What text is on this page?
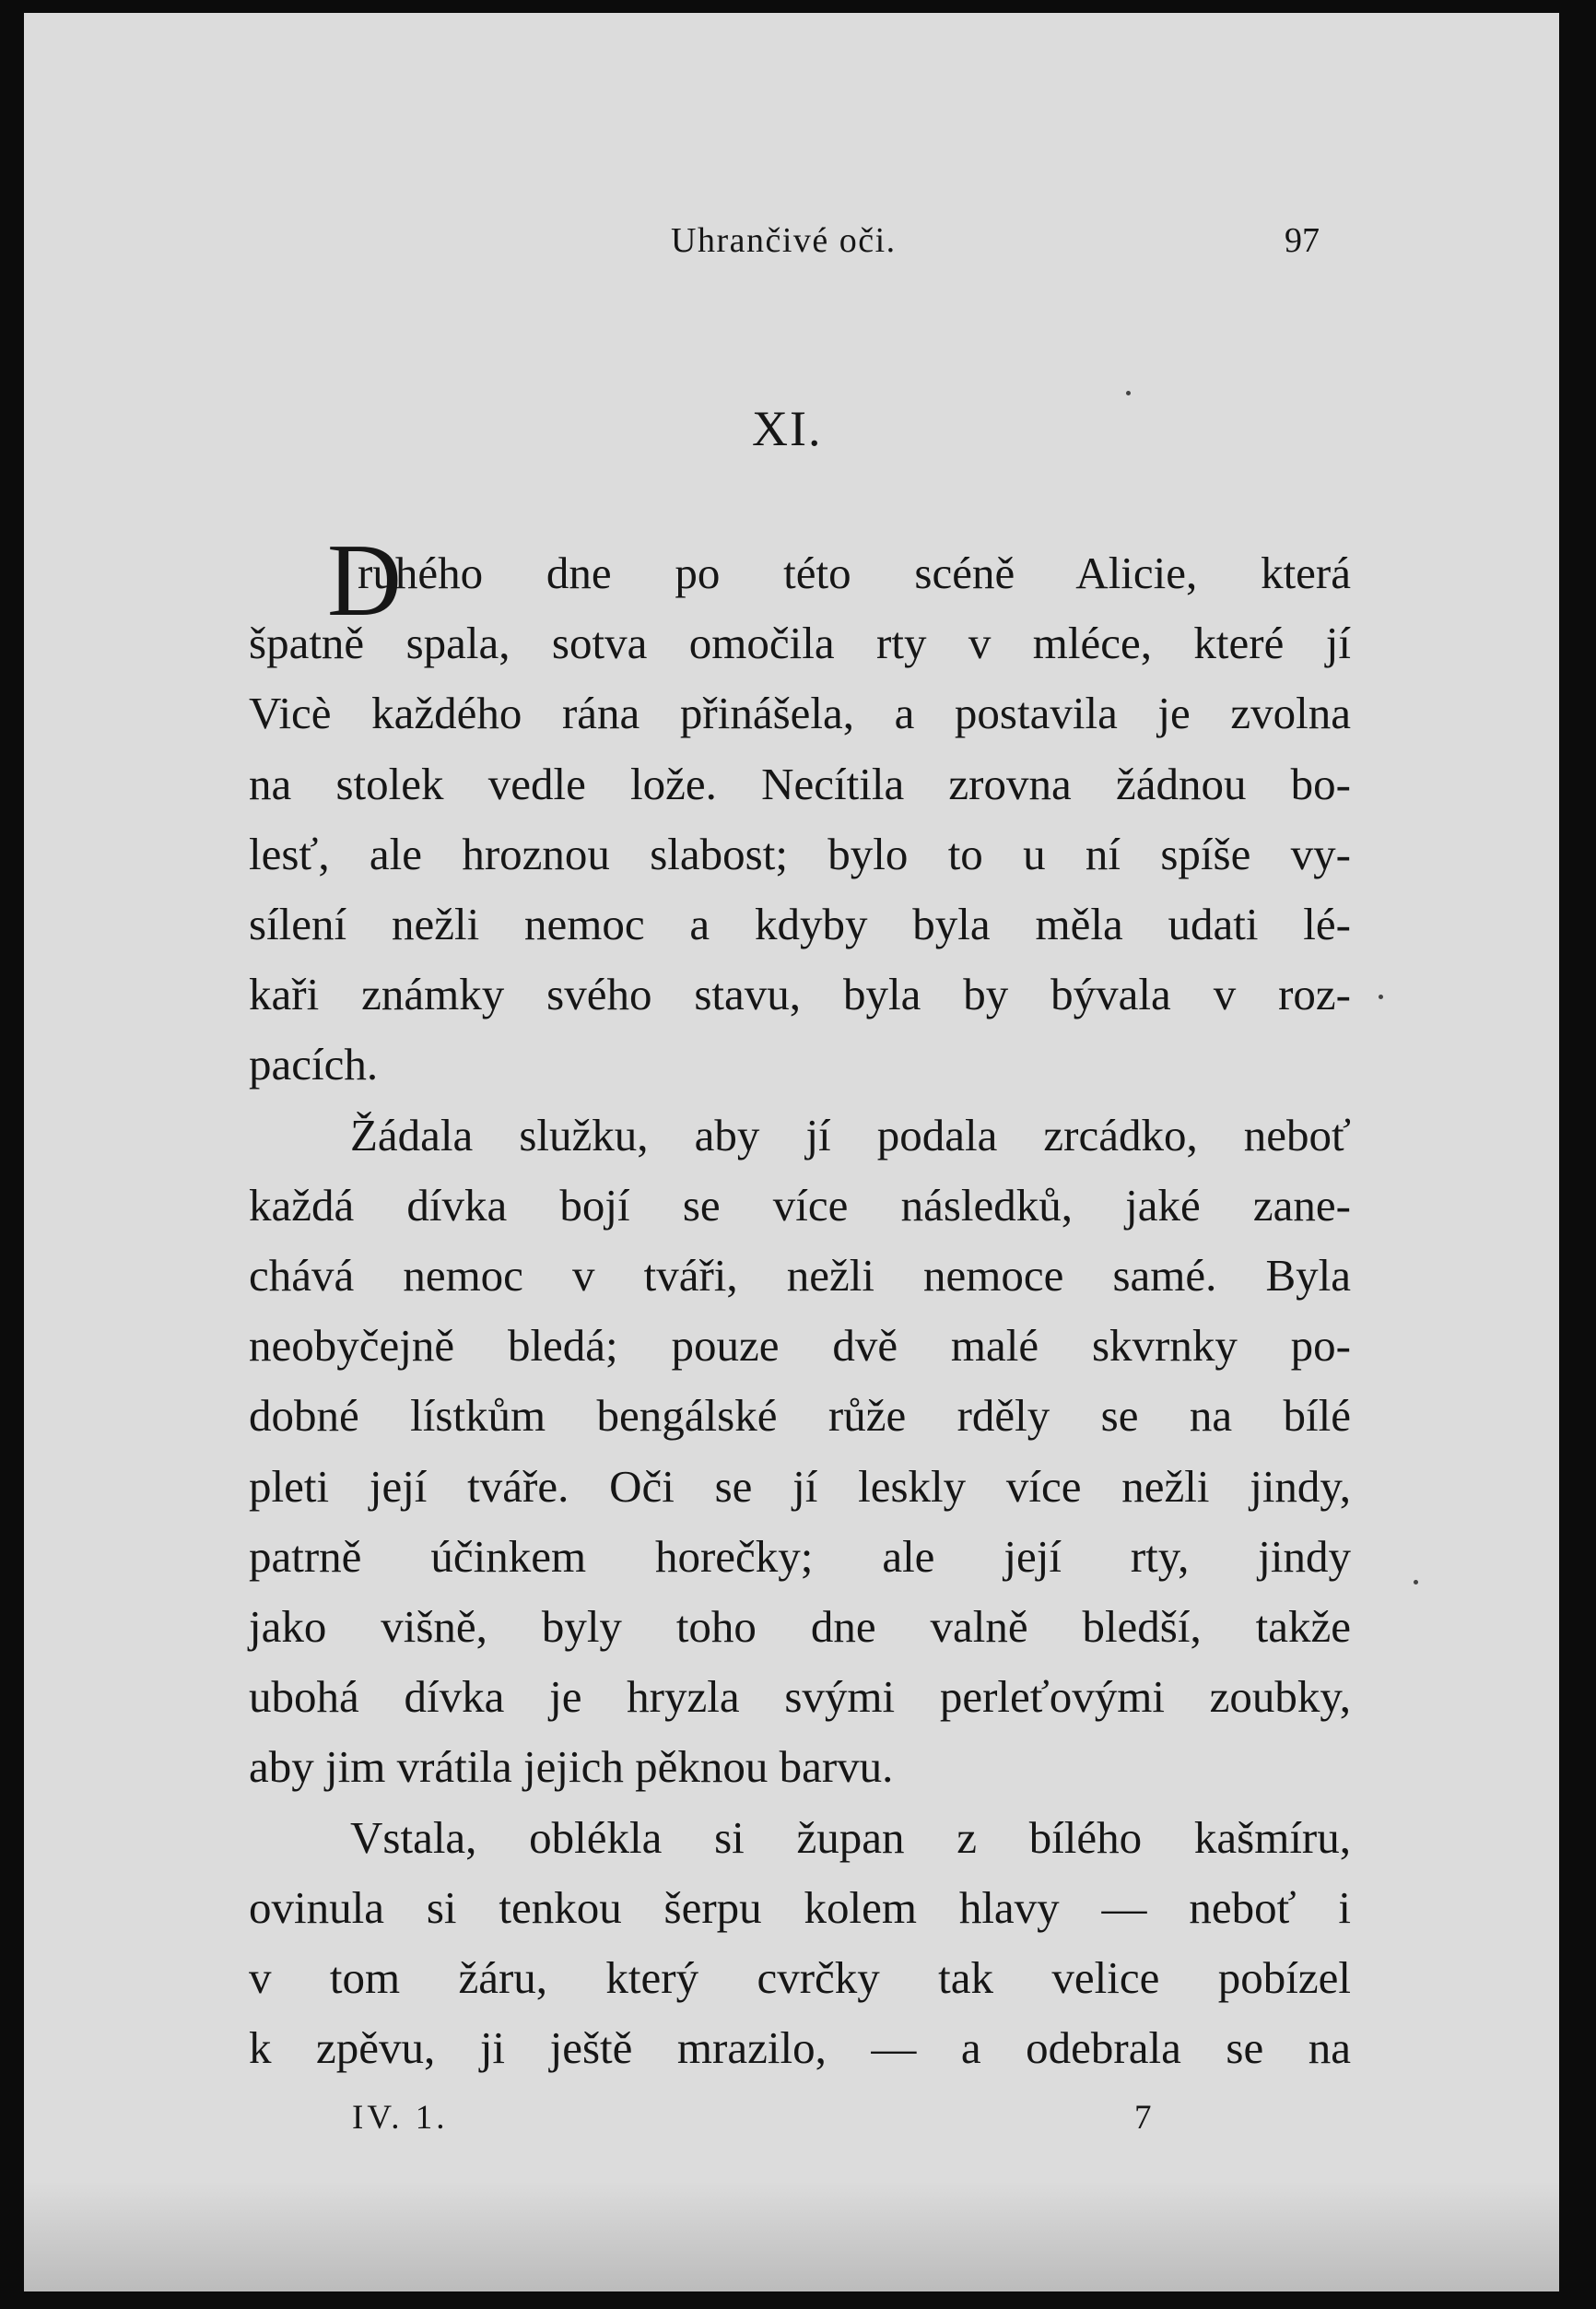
Uhrančivé oči.	97
XI.
D
ruhého dne po této scéně Alicie, která
špatně spala, sotva omočila rty v mléce, které jí
Vicè každého rána přinášela, a postavila je zvolna
na stolek vedle lože. Necítila zrovna žádnou bo-
lesť, ale hroznou slabost; bylo to u ní spíše vy-
sílení nežli nemoc a kdyby byla měla udati lé-
kaři známky svého stavu, byla by bývala v roz-
pacích.
Žádala služku, aby jí podala zrcádko, neboť
každá dívka bojí se více následků, jaké zane-
chává nemoc v tváři, nežli nemoce samé. Byla
neobyčejně bledá; pouze dvě malé skvrnky po-
dobné lístkům bengálské růže rděly se na bílé
pleti její tváře. Oči se jí leskly více nežli jindy,
patrně účinkem horečky; ale její rty, jindy
jako višně, byly toho dne valně bledší, takže
ubohá dívka je hryzla svými perleťovými zoubky,
aby jim vrátila jejich pěknou barvu.
Vstala, oblékla si župan z bílého kašmíru,
ovinula si tenkou šerpu kolem hlavy — neboť i
v tom žáru, který cvrčky tak velice pobízel
k zpěvu, ji ještě mrazilo, — a odebrala se na
IV. 1.	7
